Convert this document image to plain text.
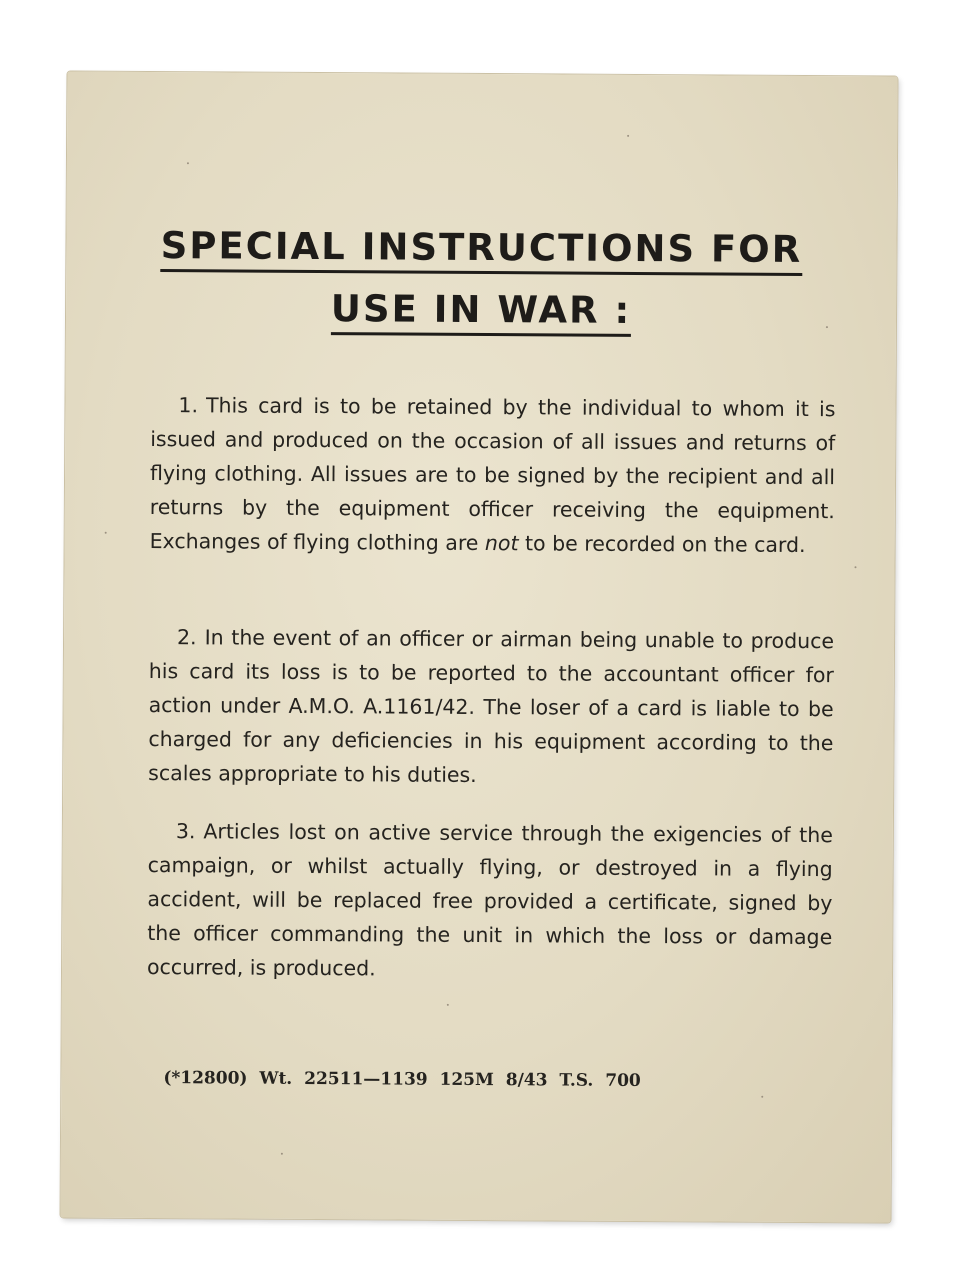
SPECIAL INSTRUCTIONS FOR
USE IN WAR :

1. This card is to be retained by the individual to whom it is issued and produced on the occasion of all issues and returns of flying clothing. All issues are to be signed by the recipient and all returns by the equipment officer receiving the equipment. Exchanges of flying clothing are not to be recorded on the card.

2. In the event of an officer or airman being unable to produce his card its loss is to be reported to the accountant officer for action under A.M.O. A.1161/42. The loser of a card is liable to be charged for any deficiencies in his equipment according to the scales appropriate to his duties.

3. Articles lost on active service through the exigencies of the campaign, or whilst actually flying, or destroyed in a flying accident, will be replaced free provided a certificate, signed by the officer commanding the unit in which the loss or damage occurred, is produced.

(*12800) Wt. 22511—1139 125M 8/43 T.S. 700
